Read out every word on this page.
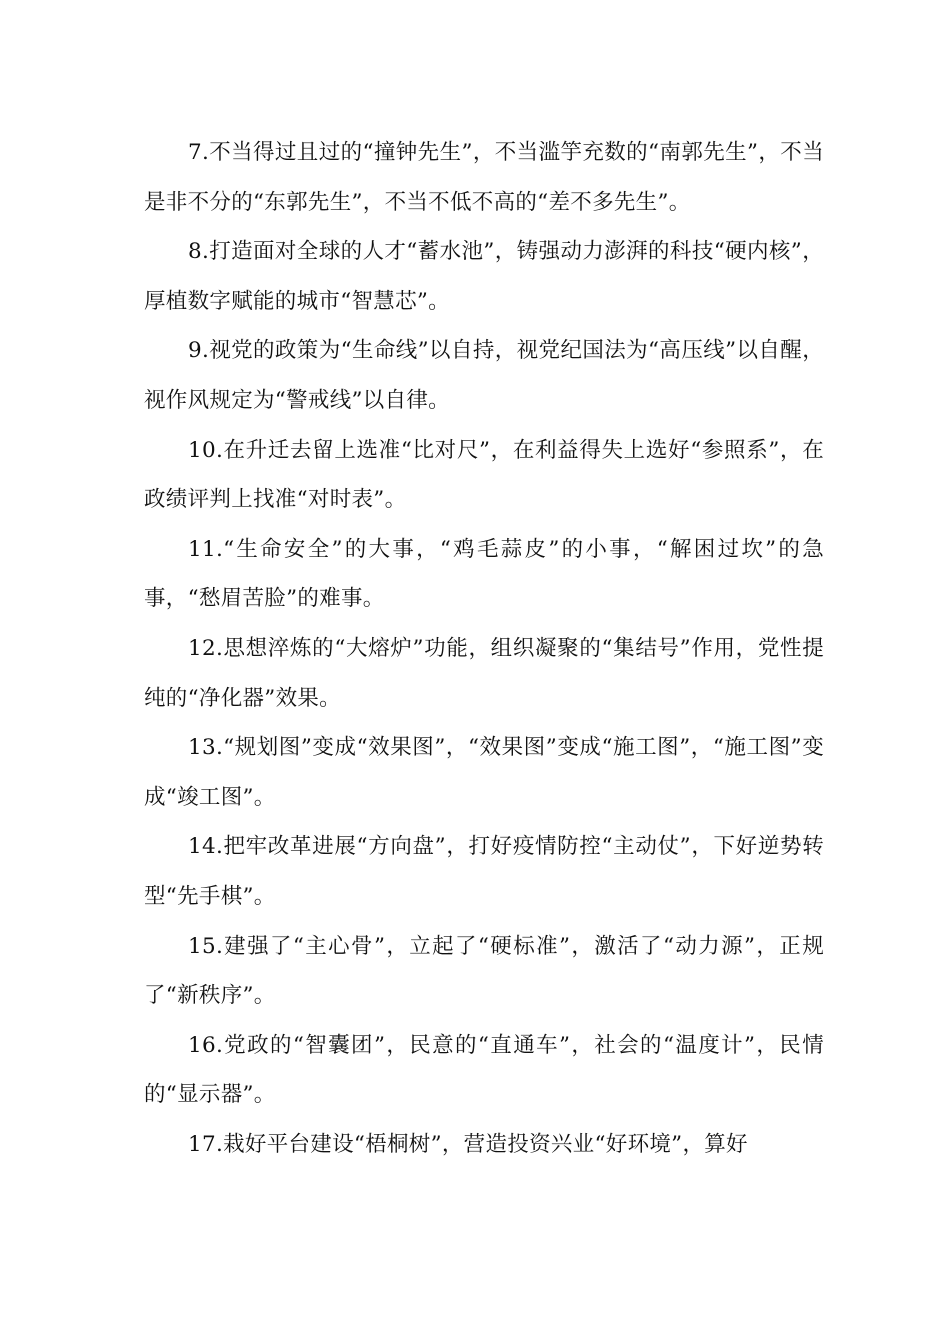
7.不当得过且过的“撞钟先生”，不当滥竽充数的“南郭先生”，不当是非不分的“东郭先生”，不当不低不高的“差不多先生”。

8.打造面对全球的人才“蓄水池”，铸强动力澎湃的科技“硬内核”，厚植数字赋能的城市“智慧芯”。

9.视党的政策为“生命线”以自持，视党纪国法为“高压线”以自醒，视作风规定为“警戒线”以自律。

10.在升迁去留上选准“比对尺”，在利益得失上选好“参照系”，在政绩评判上找准“对时表”。

11.“生命安全”的大事，“鸡毛蒜皮”的小事，“解困过坎”的急事，“愁眉苦脸”的难事。

12.思想淬炼的“大熔炉”功能，组织凝聚的“集结号”作用，党性提纯的“净化器”效果。

13.“规划图”变成“效果图”，“效果图”变成“施工图”，“施工图”变成“竣工图”。

14.把牢改革进展“方向盘”，打好疫情防控“主动仗”，下好逆势转型“先手棋”。

15.建强了“主心骨”，立起了“硬标准”，激活了“动力源”，正规了“新秩序”。

16.党政的“智囊团”，民意的“直通车”，社会的“温度计”，民情的“显示器”。

17.栽好平台建设“梧桐树”，营造投资兴业“好环境”，算好
